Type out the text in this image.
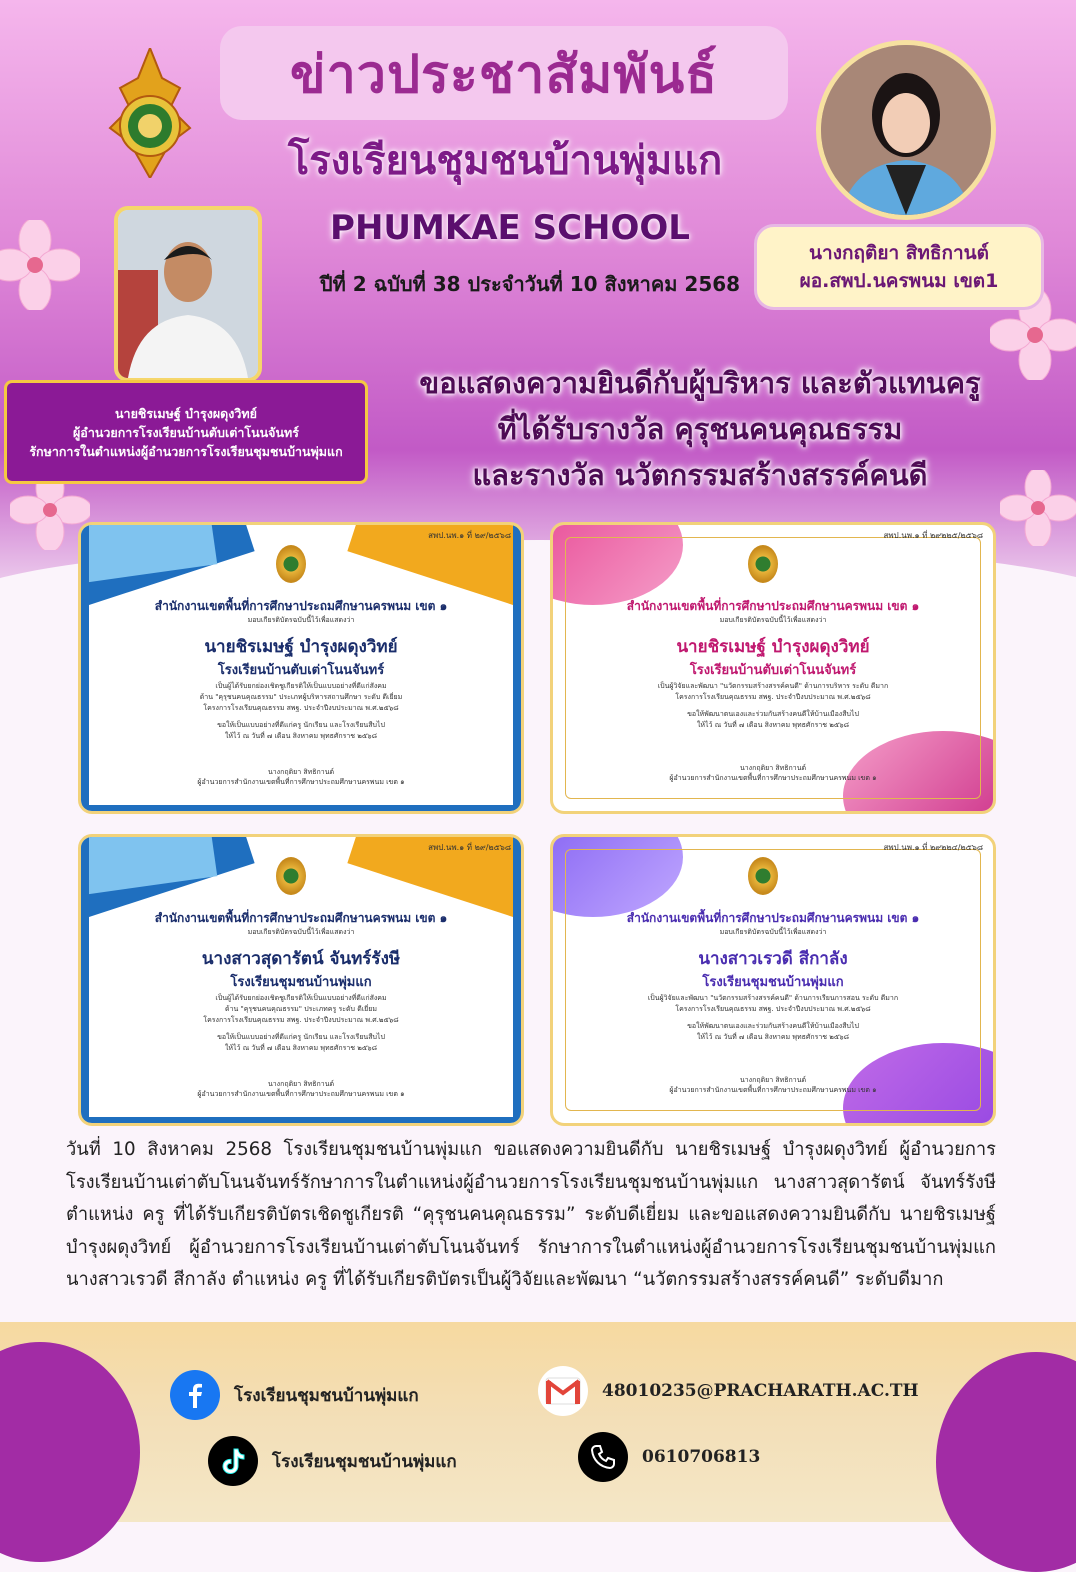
ข่าวประชาสัมพันธ์
โรงเรียนชุมชนบ้านพุ่มแก
PHUMKAE SCHOOL
ปีที่ 2 ฉบับที่ 38 ประจำวันที่ 10 สิงหาคม 2568
นางกฤติยา สิทธิกานต์
ผอ.สพป.นครพนม เขต1
นายชิรเมษฐ์ บำรุงผดุงวิทย์
ผู้อำนวยการโรงเรียนบ้านตับเต่าโนนจันทร์
รักษาการในตำแหน่งผู้อำนวยการโรงเรียนชุมชนบ้านพุ่มแก
ขอแสดงความยินดีกับผู้บริหาร และตัวแทนครู
ที่ได้รับรางวัล คุรุชนคนคุณธรรม
และรางวัล นวัตกรรมสร้างสรรค์คนดี
สพป.นพ.๑ ที่ ๒๙/๒๕๖๘
สำนักงานเขตพื้นที่การศึกษาประถมศึกษานครพนม เขต ๑
มอบเกียรติบัตรฉบับนี้ไว้เพื่อแสดงว่า
นายชิรเมษฐ์ บำรุงผดุงวิทย์
โรงเรียนบ้านตับเต่าโนนจันทร์
เป็นผู้ได้รับยกย่องเชิดชูเกียรติให้เป็นแบบอย่างที่ดีแก่สังคม
ด้าน "คุรุชนคนคุณธรรม" ประเภทผู้บริหารสถานศึกษา ระดับ ดีเยี่ยม
โครงการโรงเรียนคุณธรรม สพฐ. ประจำปีงบประมาณ พ.ศ.๒๕๖๘
ขอให้เป็นแบบอย่างที่ดีแก่ครู นักเรียน และโรงเรียนสืบไป
ให้ไว้ ณ วันที่ ๗ เดือน สิงหาคม พุทธศักราช ๒๕๖๘
นางกฤติยา สิทธิกานต์
ผู้อำนวยการสำนักงานเขตพื้นที่การศึกษาประถมศึกษานครพนม เขต ๑
สพป.นพ.๑ ที่ ๒๙๒๒๕/๒๕๖๘
สำนักงานเขตพื้นที่การศึกษาประถมศึกษานครพนม เขต ๑
มอบเกียรติบัตรฉบับนี้ไว้เพื่อแสดงว่า
นายชิรเมษฐ์ บำรุงผดุงวิทย์
โรงเรียนบ้านตับเต่าโนนจันทร์
เป็นผู้วิจัยและพัฒนา "นวัตกรรมสร้างสรรค์คนดี" ด้านการบริหาร ระดับ ดีมาก
โครงการโรงเรียนคุณธรรม สพฐ. ประจำปีงบประมาณ พ.ศ.๒๕๖๘
ขอให้พัฒนาตนเองและร่วมกันสร้างคนดีให้บ้านเมืองสืบไป
ให้ไว้ ณ วันที่ ๗ เดือน สิงหาคม พุทธศักราช ๒๕๖๘
นางกฤติยา สิทธิกานต์
ผู้อำนวยการสำนักงานเขตพื้นที่การศึกษาประถมศึกษานครพนม เขต ๑
สพป.นพ.๑ ที่ ๒๙/๒๕๖๘
สำนักงานเขตพื้นที่การศึกษาประถมศึกษานครพนม เขต ๑
มอบเกียรติบัตรฉบับนี้ไว้เพื่อแสดงว่า
นางสาวสุดารัตน์ จันทร์รังษี
โรงเรียนชุมชนบ้านพุ่มแก
เป็นผู้ได้รับยกย่องเชิดชูเกียรติให้เป็นแบบอย่างที่ดีแก่สังคม
ด้าน "คุรุชนคนคุณธรรม" ประเภทครู ระดับ ดีเยี่ยม
โครงการโรงเรียนคุณธรรม สพฐ. ประจำปีงบประมาณ พ.ศ.๒๕๖๘
ขอให้เป็นแบบอย่างที่ดีแก่ครู นักเรียน และโรงเรียนสืบไป
ให้ไว้ ณ วันที่ ๗ เดือน สิงหาคม พุทธศักราช ๒๕๖๘
นางกฤติยา สิทธิกานต์
ผู้อำนวยการสำนักงานเขตพื้นที่การศึกษาประถมศึกษานครพนม เขต ๑
สพป.นพ.๑ ที่ ๒๙๒๒๔/๒๕๖๘
สำนักงานเขตพื้นที่การศึกษาประถมศึกษานครพนม เขต ๑
มอบเกียรติบัตรฉบับนี้ไว้เพื่อแสดงว่า
นางสาวเรวดี สีกาลัง
โรงเรียนชุมชนบ้านพุ่มแก
เป็นผู้วิจัยและพัฒนา "นวัตกรรมสร้างสรรค์คนดี" ด้านการเรียนการสอน ระดับ ดีมาก
โครงการโรงเรียนคุณธรรม สพฐ. ประจำปีงบประมาณ พ.ศ.๒๕๖๘
ขอให้พัฒนาตนเองและร่วมกันสร้างคนดีให้บ้านเมืองสืบไป
ให้ไว้ ณ วันที่ ๗ เดือน สิงหาคม พุทธศักราช ๒๕๖๘
นางกฤติยา สิทธิกานต์
ผู้อำนวยการสำนักงานเขตพื้นที่การศึกษาประถมศึกษานครพนม เขต ๑
วันที่ 10 สิงหาคม 2568 โรงเรียนชุมชนบ้านพุ่มแก ขอแสดงความยินดีกับ นายชิรเมษฐ์ บำรุงผดุงวิทย์ ผู้อำนวยการโรงเรียนบ้านเต่าตับโนนจันทร์รักษาการในตำแหน่งผู้อำนวยการโรงเรียนชุมชนบ้านพุ่มแก นางสาวสุดารัตน์ จันทร์รังษี ตำแหน่ง ครู ที่ได้รับเกียรติบัตรเชิดชูเกียรติ “คุรุชนคนคุณธรรม” ระดับดีเยี่ยม และขอแสดงความยินดีกับ นายชิรเมษฐ์ บำรุงผดุงวิทย์ ผู้อำนวยการโรงเรียนบ้านเต่าตับโนนจันทร์ รักษาการในตำแหน่งผู้อำนวยการโรงเรียนชุมชนบ้านพุ่มแก นางสาวเรวดี สีกาลัง ตำแหน่ง ครู ที่ได้รับเกียรติบัตรเป็นผู้วิจัยและพัฒนา “นวัตกรรมสร้างสรรค์คนดี” ระดับดีมาก
โรงเรียนชุมชนบ้านพุ่มแก	48010235@PRACHARATH.AC.TH
โรงเรียนชุมชนบ้านพุ่มแก	0610706813
